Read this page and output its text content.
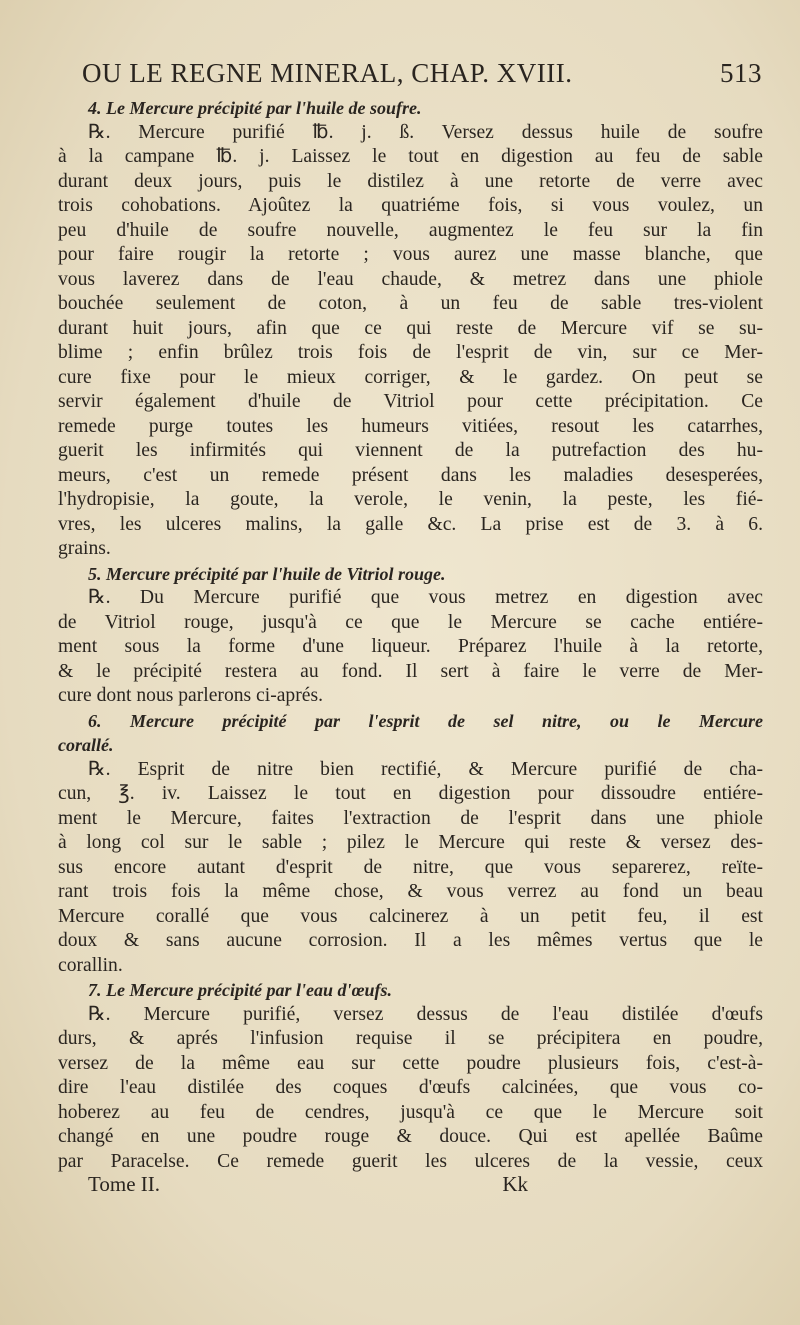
OU LE REGNE MINERAL, CHAP. XVIII.	513
4. Le Mercure précipité par l'huile de soufre.
℞. Mercure purifié ℔. j. ß. Versez dessus huile de soufre
à la campane ℔. j. Laissez le tout en digestion au feu de sable
durant deux jours, puis le distilez à une retorte de verre avec
trois cohobations. Ajoûtez la quatriéme fois, si vous voulez, un
peu d'huile de soufre nouvelle, augmentez le feu sur la fin
pour faire rougir la retorte ; vous aurez une masse blanche, que
vous laverez dans de l'eau chaude, & metrez dans une phiole
bouchée seulement de coton, à un feu de sable tres-violent
durant huit jours, afin que ce qui reste de Mercure vif se su-
blime ; enfin brûlez trois fois de l'esprit de vin, sur ce Mer-
cure fixe pour le mieux corriger, & le gardez. On peut se
servir également d'huile de Vitriol pour cette précipitation. Ce
remede purge toutes les humeurs vitiées, resout les catarrhes,
guerit les infirmités qui viennent de la putrefaction des hu-
meurs, c'est un remede présent dans les maladies desesperées,
l'hydropisie, la goute, la verole, le venin, la peste, les fié-
vres, les ulceres malins, la galle &c. La prise est de 3. à 6.
grains.
5. Mercure précipité par l'huile de Vitriol rouge.
℞. Du Mercure purifié que vous metrez en digestion avec
de Vitriol rouge, jusqu'à ce que le Mercure se cache entiére-
ment sous la forme d'une liqueur. Préparez l'huile à la retorte,
& le précipité restera au fond. Il sert à faire le verre de Mer-
cure dont nous parlerons ci-aprés.
6. Mercure précipité par l'esprit de sel nitre, ou le Mercure
corallé.
℞. Esprit de nitre bien rectifié, & Mercure purifié de cha-
cun, ℥. iv. Laissez le tout en digestion pour dissoudre entiére-
ment le Mercure, faites l'extraction de l'esprit dans une phiole
à long col sur le sable ; pilez le Mercure qui reste & versez des-
sus encore autant d'esprit de nitre, que vous separerez, reïte-
rant trois fois la même chose, & vous verrez au fond un beau
Mercure corallé que vous calcinerez à un petit feu, il est
doux & sans aucune corrosion. Il a les mêmes vertus que le
corallin.
7. Le Mercure précipité par l'eau d'œufs.
℞. Mercure purifié, versez dessus de l'eau distilée d'œufs
durs, & aprés l'infusion requise il se précipitera en poudre,
versez de la même eau sur cette poudre plusieurs fois, c'est-à-
dire l'eau distilée des coques d'œufs calcinées, que vous co-
hoberez au feu de cendres, jusqu'à ce que le Mercure soit
changé en une poudre rouge & douce. Qui est apellée Baûme
par Paracelse. Ce remede guerit les ulceres de la vessie, ceux
Tome II.	Kk
